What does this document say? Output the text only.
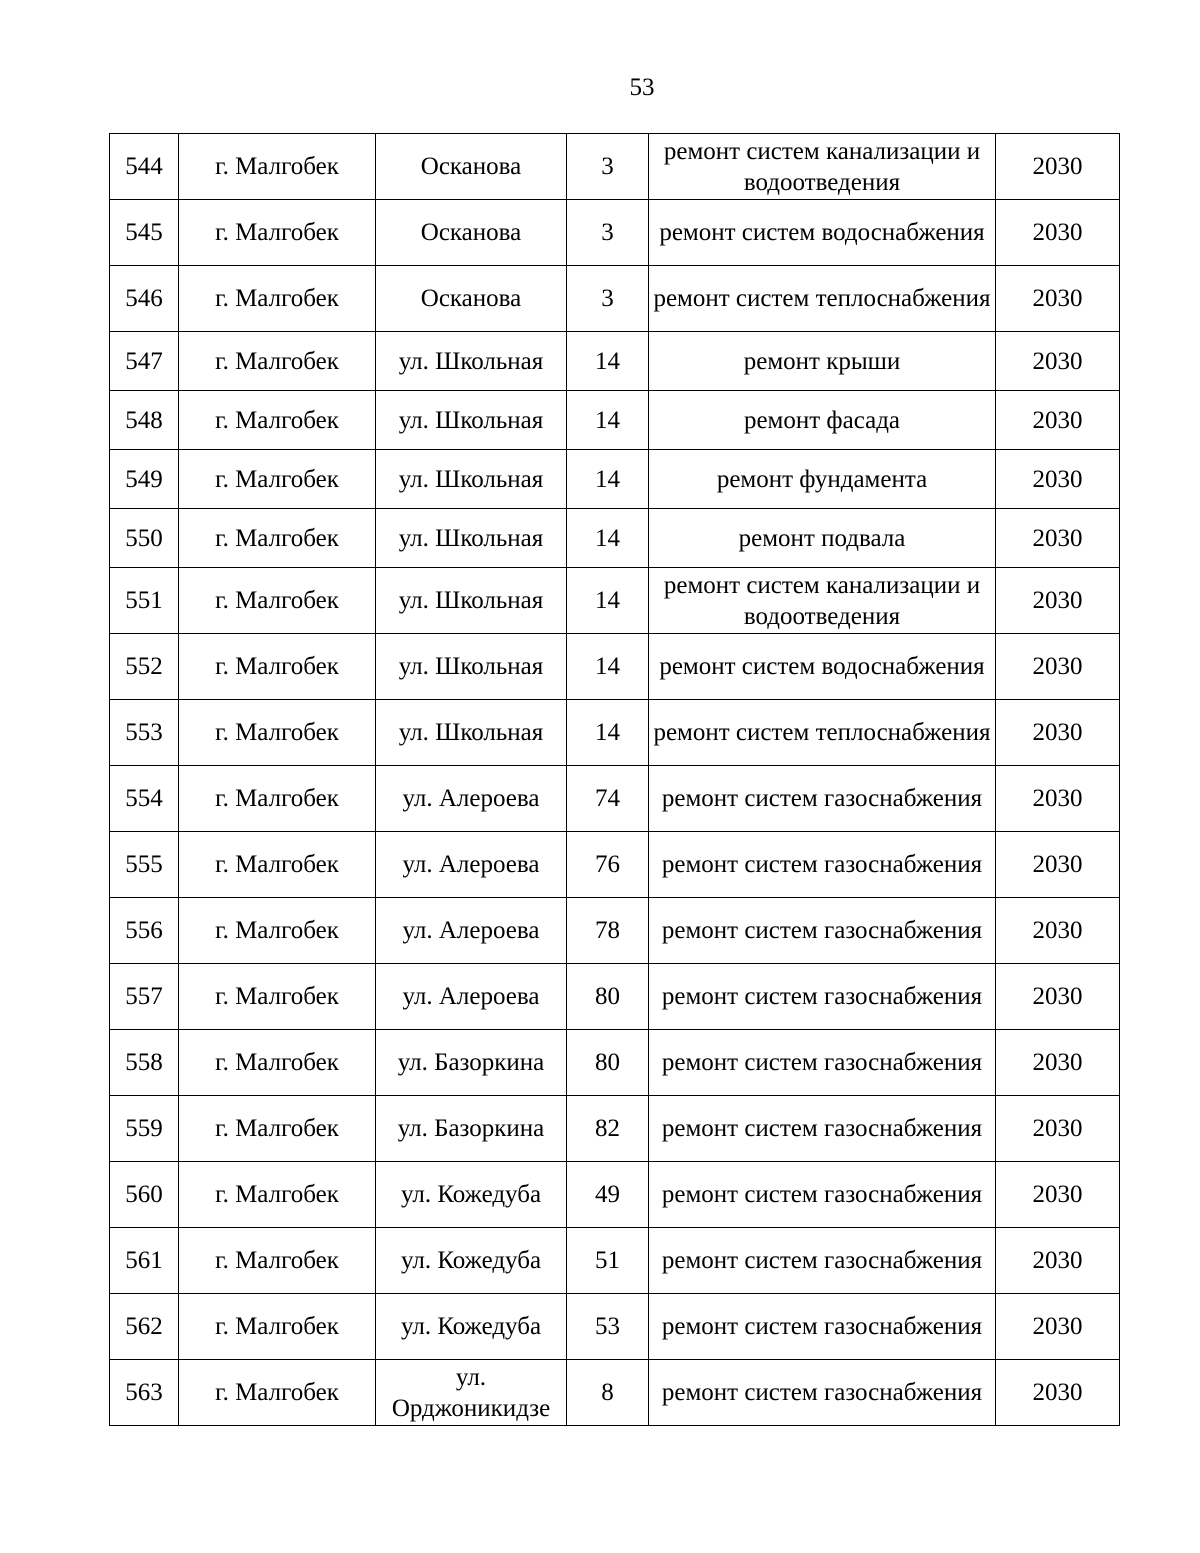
53
544	г. Малгобек	Осканова	3	ремонт систем канализации и водоотведения	2030
545	г. Малгобек	Осканова	3	ремонт систем водоснабжения	2030
546	г. Малгобек	Осканова	3	ремонт систем теплоснабжения	2030
547	г. Малгобек	ул. Школьная	14	ремонт крыши	2030
548	г. Малгобек	ул. Школьная	14	ремонт фасада	2030
549	г. Малгобек	ул. Школьная	14	ремонт фундамента	2030
550	г. Малгобек	ул. Школьная	14	ремонт подвала	2030
551	г. Малгобек	ул. Школьная	14	ремонт систем канализации и водоотведения	2030
552	г. Малгобек	ул. Школьная	14	ремонт систем водоснабжения	2030
553	г. Малгобек	ул. Школьная	14	ремонт систем теплоснабжения	2030
554	г. Малгобек	ул. Алероева	74	ремонт систем газоснабжения	2030
555	г. Малгобек	ул. Алероева	76	ремонт систем газоснабжения	2030
556	г. Малгобек	ул. Алероева	78	ремонт систем газоснабжения	2030
557	г. Малгобек	ул. Алероева	80	ремонт систем газоснабжения	2030
558	г. Малгобек	ул. Базоркина	80	ремонт систем газоснабжения	2030
559	г. Малгобек	ул. Базоркина	82	ремонт систем газоснабжения	2030
560	г. Малгобек	ул. Кожедуба	49	ремонт систем газоснабжения	2030
561	г. Малгобек	ул. Кожедуба	51	ремонт систем газоснабжения	2030
562	г. Малгобек	ул. Кожедуба	53	ремонт систем газоснабжения	2030
563	г. Малгобек	ул. Орджоникидзе	8	ремонт систем газоснабжения	2030
